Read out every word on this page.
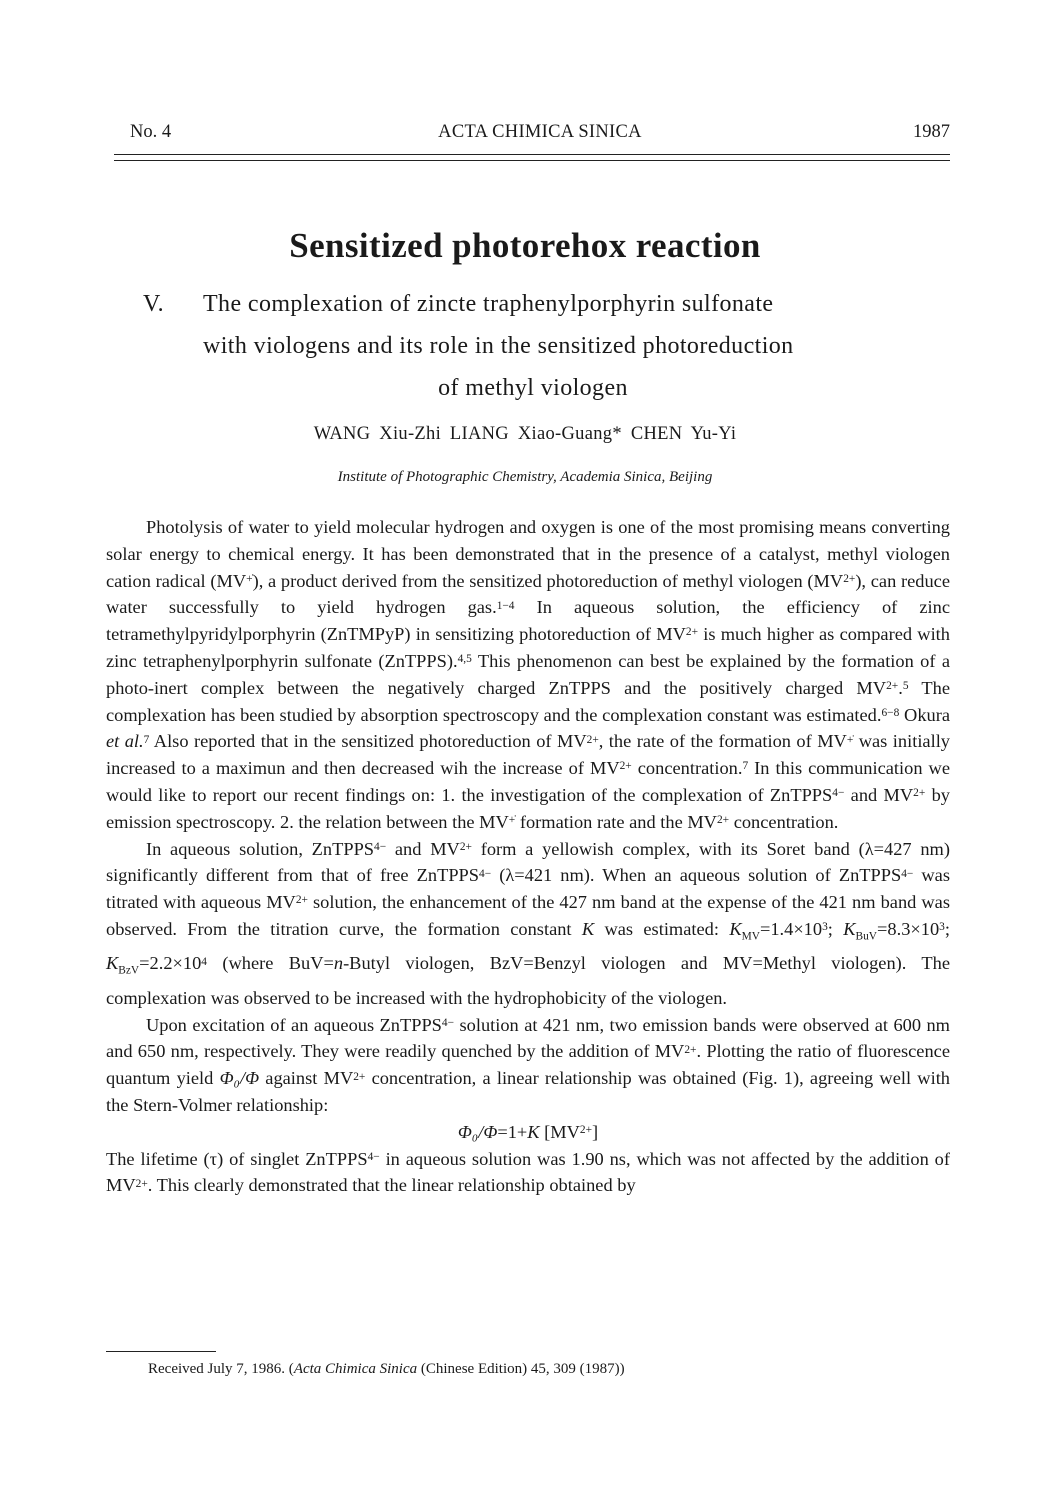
No. 4	ACTA CHIMICA SINICA	1987
Sensitized photorehox reaction
V. The complexation of zincte traphenylporphyrin sulfonate
with viologens and its role in the sensitized photoreduction
of methyl viologen
WANG Xiu-Zhi LIANG Xiao-Guang* CHEN Yu-Yi
Institute of Photographic Chemistry, Academia Sinica, Beijing

Photolysis of water to yield molecular hydrogen and oxygen is one of the most promising means converting solar energy to chemical energy. It has been demonstrated that in the presence of a catalyst, methyl viologen cation radical (MV+̇), a product derived from the sensitized photoreduction of methyl viologen $(MV^{2+})$, can reduce water successfully to yield hydrogen gas.$^{1-4}$ In aqueous solution, the efficiency of zinc tetramethylpyridylporphyrin (ZnTMPyP) in sensitizing photoreduction of $MV^{2+}$ is much higher as compared with zinc tetraphenylporphyrin sulfonate (ZnTPPS).$^{4,5}$ This phenomenon can best be explained by the formation of a photo-inert complex between the negatively charged ZnTPPS and the positively charged $MV^{2+}.^5$ The complexation has been studied by absorption spectroscopy and the complexation constant was estimated.$^{6-8}$ Okura et al.$^7$ Also reported that in the sensitized photoreduction of $MV^{2+}$, the rate of the formation of MV+̇ was initially increased to a maximun and then decreased wih the increase of $MV^{2+}$ concentration.$^7$ In this communication we would like to report our recent findings on: 1. the investigation of the complexation of ZnTPPS$^{4-}$ and $MV^{2+}$ by emission spectroscopy. 2. the relation between the MV+̇ formation rate and the $MV^{2+}$ concentration.

In aqueous solution, ZnTPPS$^{4-}$ and $MV^{2+}$ form a yellowish complex, with its Soret band (λ=427 nm) significantly different from that of free ZnTPPS$^{4-}$ (λ=421 nm). When an aqueous solution of ZnTPPS$^{4-}$ was titrated with aqueous $MV^{2+}$ solution, the enhancement of the 427 nm band at the expense of the 421 nm band was observed. From the titration curve, the formation constant K was estimated: $K_{MV}=1.4\times 10^3$; $K_{BuV}=8.3\times 10^3$; $K_{BzV}=2.2\times 10^4$ (where BuV=n-Butyl viologen, BzV=Benzyl viologen and MV=Methyl viologen). The complexation was observed to be increased with the hydrophobicity of the viologen.

Upon excitation of an aqueous ZnTPPS$^{4-}$ solution at 421 nm, two emission bands were observed at 600 nm and 650 nm, respectively. They were readily quenched by the addition of $MV^{2+}$. Plotting the ratio of fluorescence quantum yield Φ₀/Φ against $MV^{2+}$ concentration, a linear relationship was obtained (Fig. 1), agreeing well with the Stern-Volmer relationship:

Φ₀/Φ=1+K $[MV^{2+}]$

The lifetime (τ) of singlet ZnTPPS$^{4-}$ in aqueous solution was 1.90 ns, which was not affected by the addition of $MV^{2+}$. This clearly demonstrated that the linear relationship obtained by

Received July 7, 1986. (Acta Chimica Sinica (Chinese Edition) 45, 309 (1987))
